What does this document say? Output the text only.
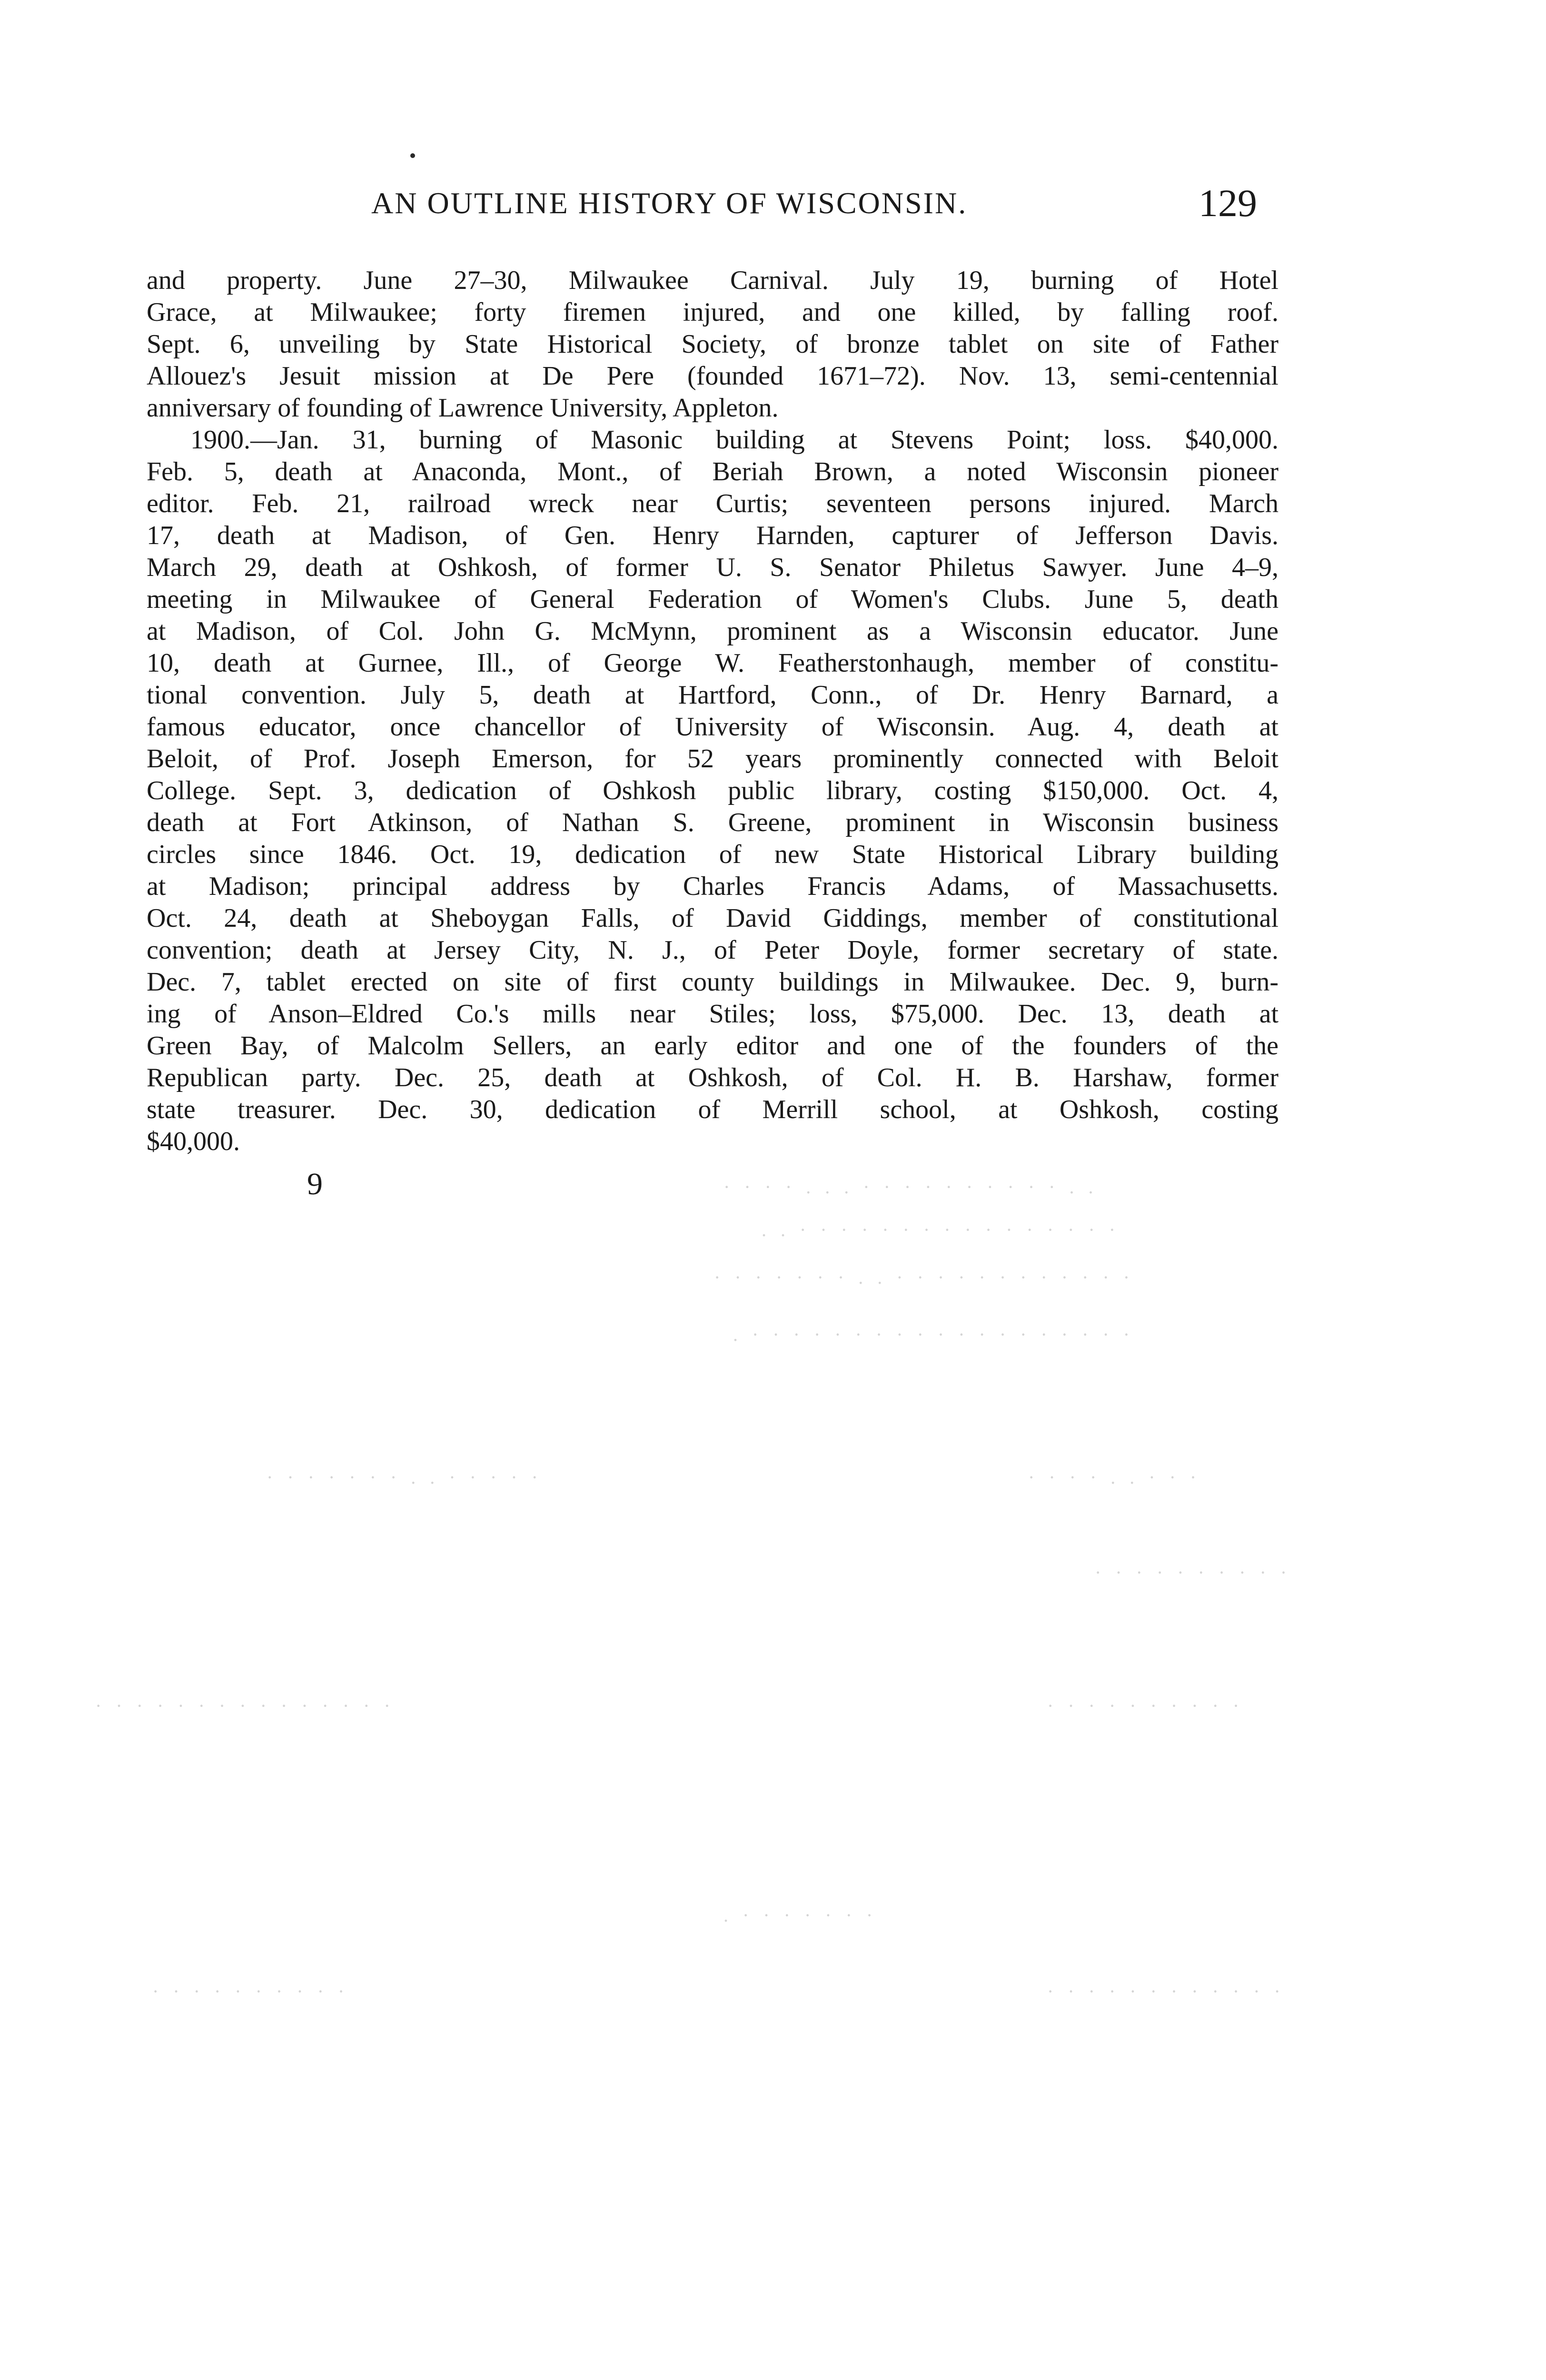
AN OUTLINE HISTORY OF WISCONSIN.	129
and property. June 27–30, Milwaukee Carnival. July 19, burning of Hotel
Grace, at Milwaukee; forty firemen injured, and one killed, by falling roof.
Sept. 6, unveiling by State Historical Society, of bronze tablet on site of Father
Allouez's Jesuit mission at De Pere (founded 1671–72). Nov. 13, semi-centennial
anniversary of founding of Lawrence University, Appleton.
1900.—Jan. 31, burning of Masonic building at Stevens Point; loss. $40,000.
Feb. 5, death at Anaconda, Mont., of Beriah Brown, a noted Wisconsin pioneer
editor. Feb. 21, railroad wreck near Curtis; seventeen persons injured. March
17, death at Madison, of Gen. Henry Harnden, capturer of Jefferson Davis.
March 29, death at Oshkosh, of former U. S. Senator Philetus Sawyer. June 4–9,
meeting in Milwaukee of General Federation of Women's Clubs. June 5, death
at Madison, of Col. John G. McMynn, prominent as a Wisconsin educator. June
10, death at Gurnee, Ill., of George W. Featherstonhaugh, member of constitu-
tional convention. July 5, death at Hartford, Conn., of Dr. Henry Barnard, a
famous educator, once chancellor of University of Wisconsin. Aug. 4, death at
Beloit, of Prof. Joseph Emerson, for 52 years prominently connected with Beloit
College. Sept. 3, dedication of Oshkosh public library, costing $150,000. Oct. 4,
death at Fort Atkinson, of Nathan S. Greene, prominent in Wisconsin business
circles since 1846. Oct. 19, dedication of new State Historical Library building
at Madison; principal address by Charles Francis Adams, of Massachusetts.
Oct. 24, death at Sheboygan Falls, of David Giddings, member of constitutional
convention; death at Jersey City, N. J., of Peter Doyle, former secretary of state.
Dec. 7, tablet erected on site of first county buildings in Milwaukee. Dec. 9, burn-
ing of Anson–Eldred Co.'s mills near Stiles; loss, $75,000. Dec. 13, death at
Green Bay, of Malcolm Sellers, an early editor and one of the founders of the
Republican party. Dec. 25, death at Oshkosh, of Col. H. B. Harshaw, former
state treasurer. Dec. 30, dedication of Merrill school, at Oshkosh, costing
$40,000.
9	· · · · . . . · · · · · · · · · · . .
. . · · · · · · · · · · · · · · · ·
· · · · · · · . . · · · · · · · · · · · ·
. · · · · · · · · · · · · · · · · · · ·
· · · · · · · . . · · · · ·	· · · · . . · · ·
· · · · · · · · · ·
· · · · · · · · · · · · · · ·	· · · · · · · · · ·
. · · · · · · ·
· · · · · · · · · ·	· · · · · · · · · · · ·
